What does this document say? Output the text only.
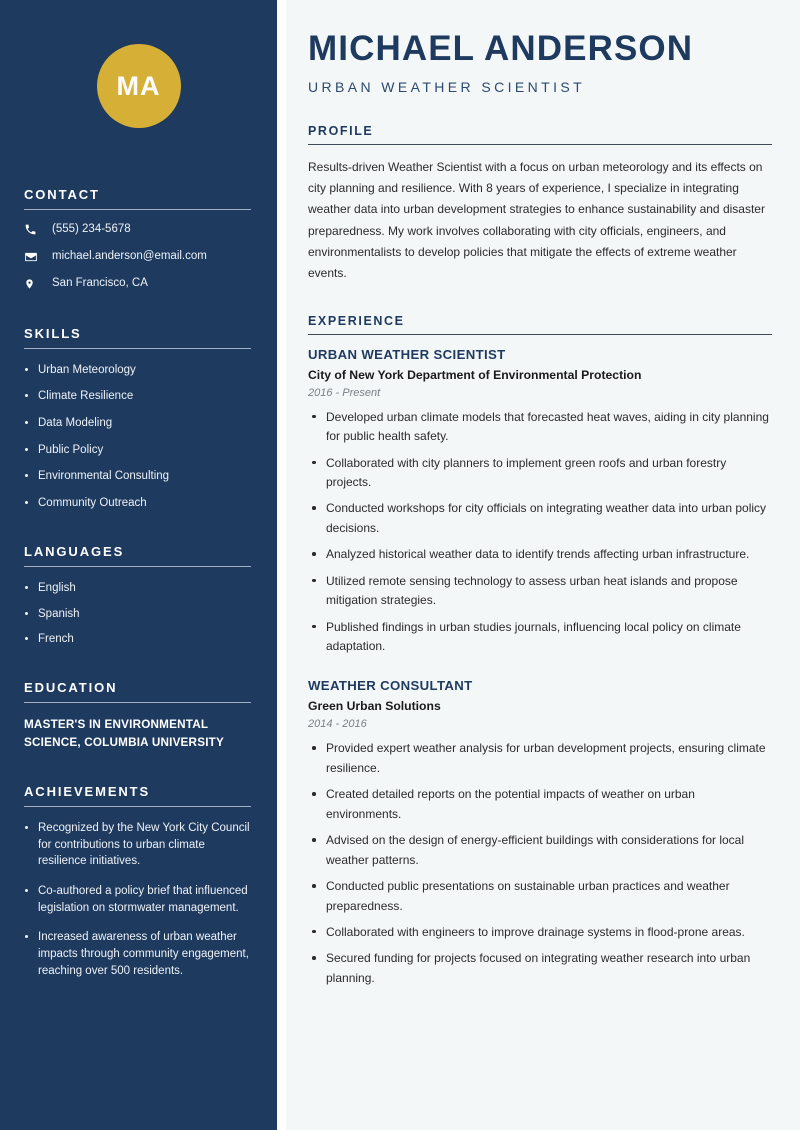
MA
CONTACT
(555) 234-5678
michael.anderson@email.com
San Francisco, CA
SKILLS
Urban Meteorology
Climate Resilience
Data Modeling
Public Policy
Environmental Consulting
Community Outreach
LANGUAGES
English
Spanish
French
EDUCATION
MASTER'S IN ENVIRONMENTAL SCIENCE, COLUMBIA UNIVERSITY
ACHIEVEMENTS
Recognized by the New York City Council for contributions to urban climate resilience initiatives.
Co-authored a policy brief that influenced legislation on stormwater management.
Increased awareness of urban weather impacts through community engagement, reaching over 500 residents.
MICHAEL ANDERSON
URBAN WEATHER SCIENTIST
PROFILE

Results-driven Weather Scientist with a focus on urban meteorology and its effects on city planning and resilience. With 8 years of experience, I specialize in integrating weather data into urban development strategies to enhance sustainability and disaster preparedness. My work involves collaborating with city officials, engineers, and environmentalists to develop policies that mitigate the effects of extreme weather events.

EXPERIENCE
URBAN WEATHER SCIENTIST
City of New York Department of Environmental Protection
2016 - Present
Developed urban climate models that forecasted heat waves, aiding in city planning for public health safety.
Collaborated with city planners to implement green roofs and urban forestry projects.
Conducted workshops for city officials on integrating weather data into urban policy decisions.
Analyzed historical weather data to identify trends affecting urban infrastructure.
Utilized remote sensing technology to assess urban heat islands and propose mitigation strategies.
Published findings in urban studies journals, influencing local policy on climate adaptation.
WEATHER CONSULTANT
Green Urban Solutions
2014 - 2016
Provided expert weather analysis for urban development projects, ensuring climate resilience.
Created detailed reports on the potential impacts of weather on urban environments.
Advised on the design of energy-efficient buildings with considerations for local weather patterns.
Conducted public presentations on sustainable urban practices and weather preparedness.
Collaborated with engineers to improve drainage systems in flood-prone areas.
Secured funding for projects focused on integrating weather research into urban planning.
